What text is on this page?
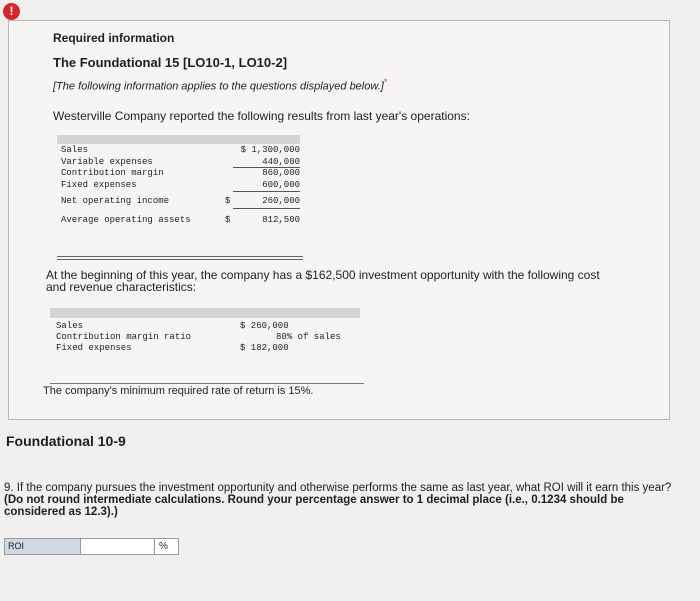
!
Required information
The Foundational 15 [LO10-1, LO10-2]
[The following information applies to the questions displayed below.]*
Westerville Company reported the following results from last year's operations:
Sales	$ 1,300,000
Variable expenses	440,000
Contribution margin	860,000
Fixed expenses	600,000
Net operating income	$	260,000
Average operating assets	$	812,500
At the beginning of this year, the company has a $162,500 investment opportunity with the following cost and revenue characteristics:
Sales	$ 260,000
Contribution margin ratio	80% of sales
Fixed expenses	$ 182,000
The company's minimum required rate of return is 15%.
Foundational 10-9
9. If the company pursues the investment opportunity and otherwise performs the same as last year, what ROI will it earn this year? (Do not round intermediate calculations. Round your percentage answer to 1 decimal place (i.e., 0.1234 should be considered as 12.3).)
ROI	%
